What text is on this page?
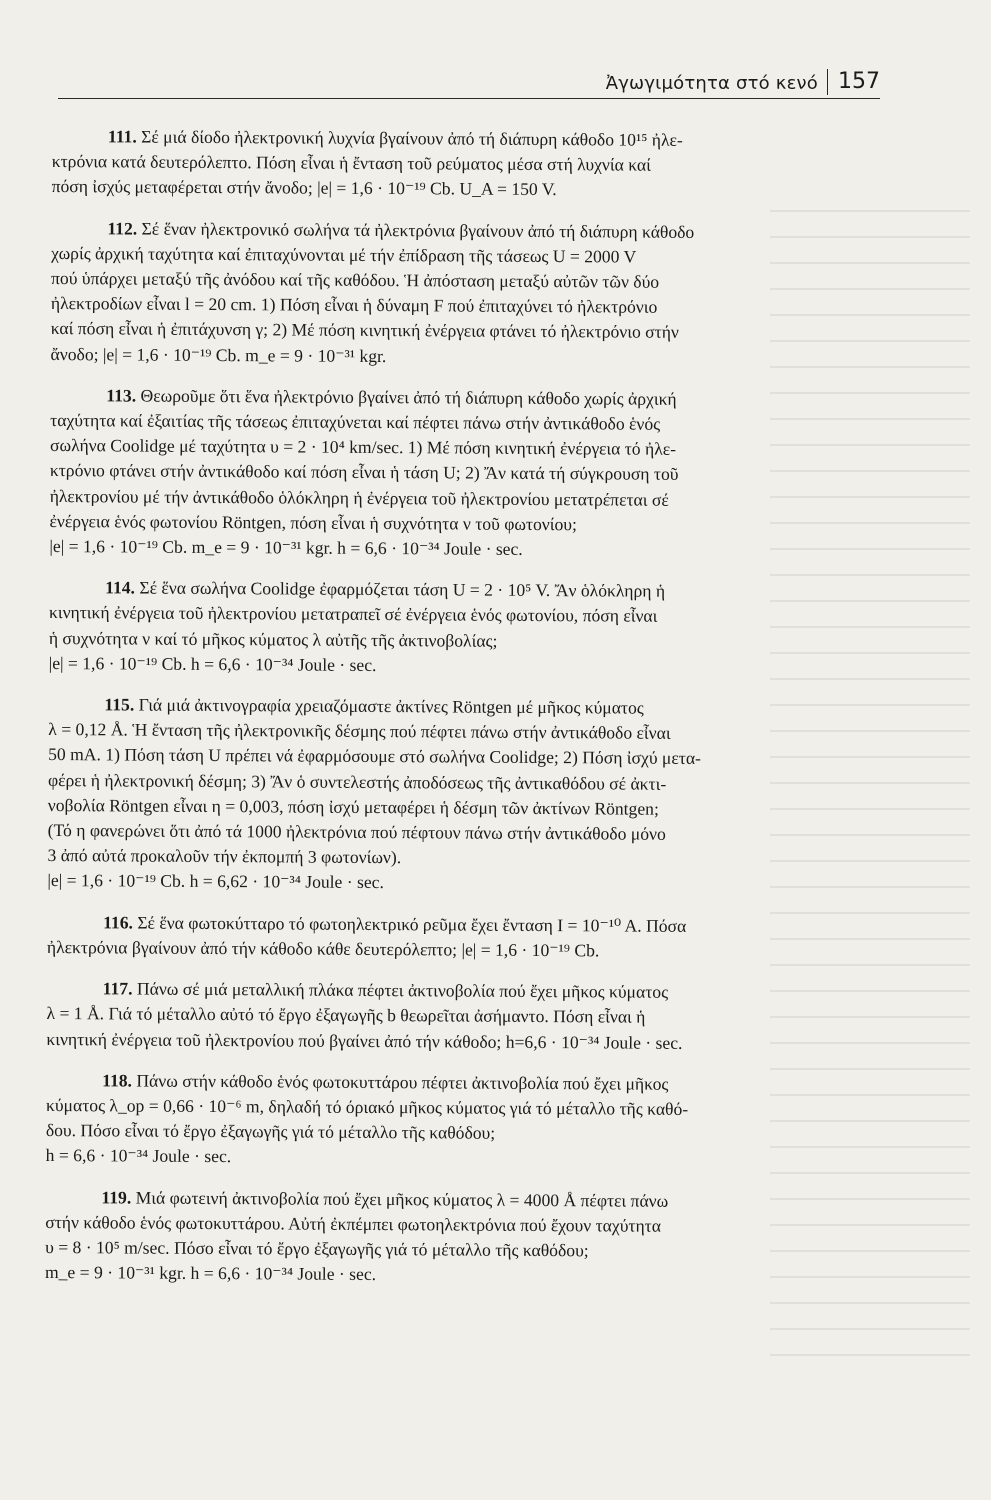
Ἀγωγιμότητα στό κενό 157
111. Σέ μιά δίοδο ἠλεκτρονική λυχνία βγαίνουν ἀπό τή διάπυρη κάθοδο 10¹⁵ ἠλε-
κτρόνια κατά δευτερόλεπτο. Πόση εἶναι ἡ ἔνταση τοῦ ρεύματος μέσα στή λυχνία καί
πόση ἰσχύς μεταφέρεται στήν ἄνοδο; |e| = 1,6 · 10⁻¹⁹ Cb. U_A = 150 V.
112. Σέ ἕναν ἠλεκτρονικό σωλήνα τά ἠλεκτρόνια βγαίνουν ἀπό τή διάπυρη κάθοδο
χωρίς ἀρχική ταχύτητα καί ἐπιταχύνονται μέ τήν ἐπίδραση τῆς τάσεως U = 2000 V
πού ὑπάρχει μεταξύ τῆς ἀνόδου καί τῆς καθόδου. Ἡ ἀπόσταση μεταξύ αὐτῶν τῶν δύο
ἠλεκτροδίων εἶναι l = 20 cm. 1) Πόση εἶναι ἡ δύναμη F πού ἐπιταχύνει τό ἠλεκτρόνιο
καί πόση εἶναι ἡ ἐπιτάχυνση γ; 2) Μέ πόση κινητική ἐνέργεια φτάνει τό ἠλεκτρόνιο στήν
ἄνοδο; |e| = 1,6 · 10⁻¹⁹ Cb. m_e = 9 · 10⁻³¹ kgr.
113. Θεωροῦμε ὅτι ἕνα ἠλεκτρόνιο βγαίνει ἀπό τή διάπυρη κάθοδο χωρίς ἀρχική
ταχύτητα καί ἐξαιτίας τῆς τάσεως ἐπιταχύνεται καί πέφτει πάνω στήν ἀντικάθοδο ἑνός
σωλήνα Coolidge μέ ταχύτητα υ = 2 · 10⁴ km/sec. 1) Μέ πόση κινητική ἐνέργεια τό ἠλε-
κτρόνιο φτάνει στήν ἀντικάθοδο καί πόση εἶναι ἡ τάση U; 2) Ἄν κατά τή σύγκρουση τοῦ
ἠλεκτρονίου μέ τήν ἀντικάθοδο ὁλόκληρη ἡ ἐνέργεια τοῦ ἠλεκτρονίου μετατρέπεται σέ
ἐνέργεια ἑνός φωτονίου Röntgen, πόση εἶναι ἡ συχνότητα ν τοῦ φωτονίου;
|e| = 1,6 · 10⁻¹⁹ Cb. m_e = 9 · 10⁻³¹ kgr. h = 6,6 · 10⁻³⁴ Joule · sec.
114. Σέ ἕνα σωλήνα Coolidge ἐφαρμόζεται τάση U = 2 · 10⁵ V. Ἄν ὁλόκληρη ἡ
κινητική ἐνέργεια τοῦ ἠλεκτρονίου μετατραπεῖ σέ ἐνέργεια ἑνός φωτονίου, πόση εἶναι
ἡ συχνότητα ν καί τό μῆκος κύματος λ αὐτῆς τῆς ἀκτινοβολίας;
|e| = 1,6 · 10⁻¹⁹ Cb. h = 6,6 · 10⁻³⁴ Joule · sec.
115. Γιά μιά ἀκτινογραφία χρειαζόμαστε ἀκτίνες Röntgen μέ μῆκος κύματος
λ = 0,12 Å. Ἡ ἔνταση τῆς ἠλεκτρονικῆς δέσμης πού πέφτει πάνω στήν ἀντικάθοδο εἶναι
50 mA. 1) Πόση τάση U πρέπει νά ἐφαρμόσουμε στό σωλήνα Coolidge; 2) Πόση ἰσχύ μετα-
φέρει ἡ ἠλεκτρονική δέσμη; 3) Ἄν ὁ συντελεστής ἀποδόσεως τῆς ἀντικαθόδου σέ ἀκτι-
νοβολία Röntgen εἶναι η = 0,003, πόση ἰσχύ μεταφέρει ἡ δέσμη τῶν ἀκτίνων Röntgen;
(Τό η φανερώνει ὅτι ἀπό τά 1000 ἠλεκτρόνια πού πέφτουν πάνω στήν ἀντικάθοδο μόνο
3 ἀπό αὐτά προκαλοῦν τήν ἐκπομπή 3 φωτονίων).
|e| = 1,6 · 10⁻¹⁹ Cb. h = 6,62 · 10⁻³⁴ Joule · sec.
116. Σέ ἕνα φωτοκύτταρο τό φωτοηλεκτρικό ρεῦμα ἔχει ἔνταση I = 10⁻¹⁰ A. Πόσα
ἠλεκτρόνια βγαίνουν ἀπό τήν κάθοδο κάθε δευτερόλεπτο; |e| = 1,6 · 10⁻¹⁹ Cb.
117. Πάνω σέ μιά μεταλλική πλάκα πέφτει ἀκτινοβολία πού ἔχει μῆκος κύματος
λ = 1 Å. Γιά τό μέταλλο αὐτό τό ἔργο ἐξαγωγῆς b θεωρεῖται ἀσήμαντο. Πόση εἶναι ἡ
κινητική ἐνέργεια τοῦ ἠλεκτρονίου πού βγαίνει ἀπό τήν κάθοδο; h=6,6 · 10⁻³⁴ Joule · sec.
118. Πάνω στήν κάθοδο ἑνός φωτοκυττάρου πέφτει ἀκτινοβολία πού ἔχει μῆκος
κύματος λ_op = 0,66 · 10⁻⁶ m, δηλαδή τό όριακό μῆκος κύματος γιά τό μέταλλο τῆς καθό-
δου. Πόσο εἶναι τό ἔργο ἐξαγωγῆς γιά τό μέταλλο τῆς καθόδου;
h = 6,6 · 10⁻³⁴ Joule · sec.
119. Μιά φωτεινή ἀκτινοβολία πού ἔχει μῆκος κύματος λ = 4000 Å πέφτει πάνω
στήν κάθοδο ἑνός φωτοκυττάρου. Αὐτή ἐκπέμπει φωτοηλεκτρόνια πού ἔχουν ταχύτητα
υ = 8 · 10⁵ m/sec. Πόσο εἶναι τό ἔργο ἐξαγωγῆς γιά τό μέταλλο τῆς καθόδου;
m_e = 9 · 10⁻³¹ kgr. h = 6,6 · 10⁻³⁴ Joule · sec.
